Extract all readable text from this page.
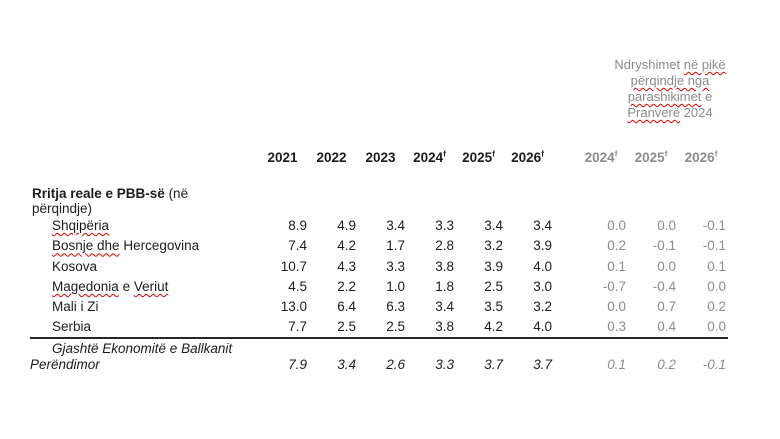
Ndryshimet në pikë
përqindje nga
parashikimet e
Pranverë 2024
2021	2022	2023	2024$^f$	2025$^f$	2026$^f$	2024$^f$	2025$^f$	2026$^f$
Rritja reale e PBB-së (në përqindje)
Shqipëria	8.9	4.9	3.4	3.3	3.4	3.4	0.0	0.0	-0.1
Bosnje dhe Hercegovina	7.4	4.2	1.7	2.8	3.2	3.9	0.2	-0.1	-0.1
Kosova	10.7	4.3	3.3	3.8	3.9	4.0	0.1	0.0	0.1
Magedonia e Veriut	4.5	2.2	1.0	1.8	2.5	3.0	-0.7	-0.4	0.0
Mali i Zi	13.0	6.4	6.3	3.4	3.5	3.2	0.0	0.7	0.2
Serbia	7.7	2.5	2.5	3.8	4.2	4.0	0.3	0.4	0.0
Gjashtë Ekonomitë e Ballkanit Perëndimor	7.9	3.4	2.6	3.3	3.7	3.7	0.1	0.2	-0.1
